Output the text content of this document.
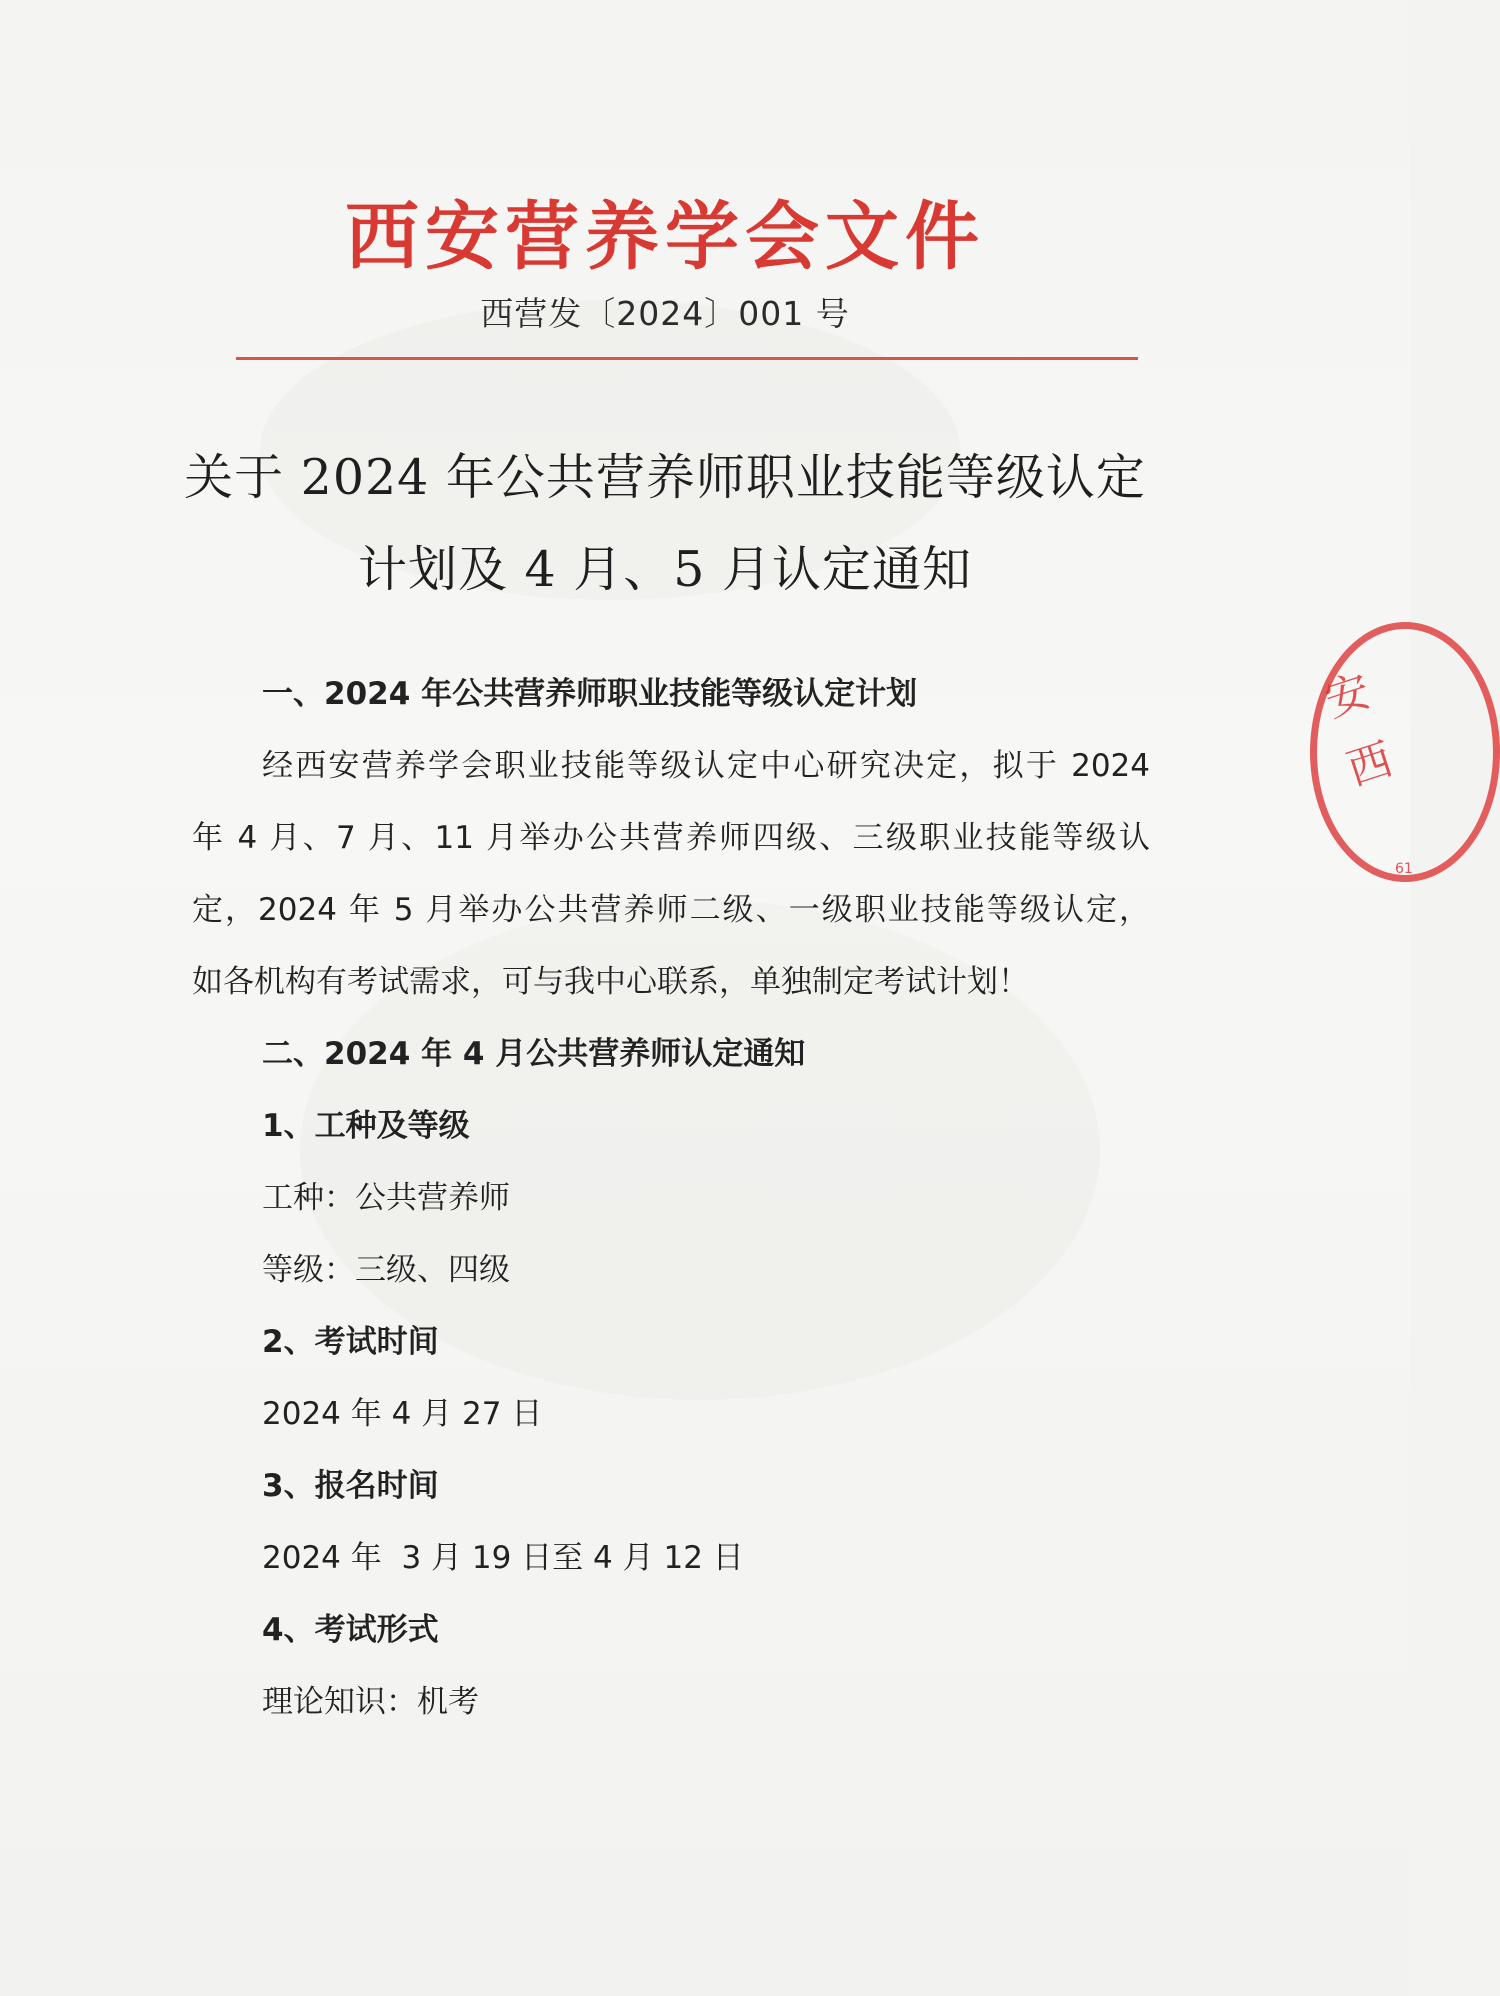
西安营养学会文件
西营发〔2024〕001 号
关于 2024 年公共营养师职业技能等级认定
计划及 4 月、5 月认定通知
一、2024 年公共营养师职业技能等级认定计划
经西安营养学会职业技能等级认定中心研究决定，拟于 2024
年 4 月、7 月、11 月举办公共营养师四级、三级职业技能等级认
定，2024 年 5 月举办公共营养师二级、一级职业技能等级认定，
如各机构有考试需求，可与我中心联系，单独制定考试计划！
二、2024 年 4 月公共营养师认定通知
1、工种及等级
工种：公共营养师
等级：三级、四级
2、考试时间
2024 年 4 月 27 日
3、报名时间
2024 年  3 月 19 日至 4 月 12 日
4、考试形式
理论知识：机考
安
西
61
